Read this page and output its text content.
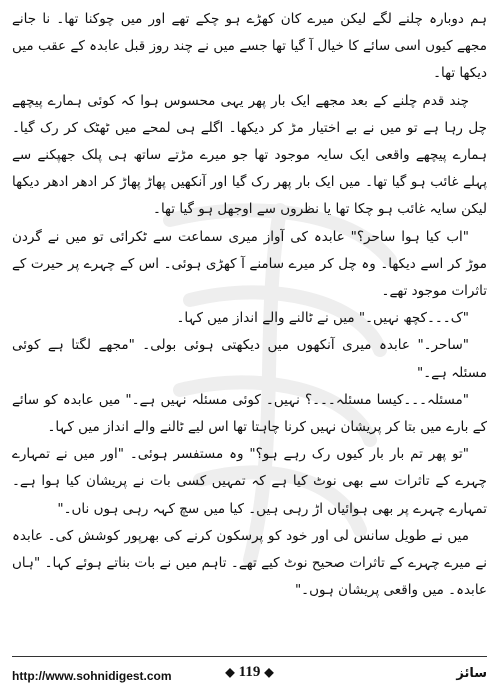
ہم دوبارہ چلنے لگے لیکن میرے کان کھڑے ہو چکے تھے اور میں چوکنا تھا۔ نا جانے مجھے کیوں اسی سائے کا خیال آ گیا تھا جسے میں نے چند روز قبل عابدہ کے عقب میں دیکھا تھا۔

چند قدم چلنے کے بعد مجھے ایک بار پھر یہی محسوس ہوا کہ کوئی ہمارے پیچھے چل رہا ہے تو میں نے بے اختیار مڑ کر دیکھا۔ اگلے ہی لمحے میں ٹھٹک کر رک گیا۔ ہمارے پیچھے واقعی ایک سایہ موجود تھا جو میرے مڑتے ساتھ ہی پلک جھپکنے سے پہلے غائب ہو گیا تھا۔ میں ایک بار پھر رک گیا اور آنکھیں پھاڑ پھاڑ کر ادھر ادھر دیکھا لیکن سایہ غائب ہو چکا تھا یا نظروں سے اوجھل ہو گیا تھا۔

"اب کیا ہوا ساحر؟" عابدہ کی آواز میری سماعت سے ٹکرائی تو میں نے گردن موڑ کر اسے دیکھا۔ وہ چل کر میرے سامنے آ کھڑی ہوئی۔ اس کے چہرے پر حیرت کے تاثرات موجود تھے۔

"ک۔۔۔کچھ نہیں۔" میں نے ٹالنے والے انداز میں کہا۔

"ساحر۔" عابدہ میری آنکھوں میں دیکھتی ہوئی بولی۔ "مجھے لگتا ہے کوئی مسئلہ ہے۔"

"مسئلہ۔۔۔کیسا مسئلہ۔۔۔؟ نہیں۔ کوئی مسئلہ نہیں ہے۔" میں عابدہ کو سائے کے بارے میں بتا کر پریشان نہیں کرنا چاہتا تھا اس لیے ٹالنے والے انداز میں کہا۔

"تو پھر تم بار بار کیوں رک رہے ہو؟" وہ مستفسر ہوئی۔ "اور میں نے تمہارے چہرے کے تاثرات سے بھی نوٹ کیا ہے کہ تمہیں کسی بات نے پریشان کیا ہوا ہے۔ تمہارے چہرے پر بھی ہوائیاں اڑ رہی ہیں۔ کیا میں سچ کہہ رہی ہوں ناں۔"

میں نے طویل سانس لی اور خود کو پرسکون کرنے کی بھرپور کوشش کی۔ عابدہ نے میرے چہرے کے تاثرات صحیح نوٹ کیے تھے۔ تاہم میں نے بات بناتے ہوئے کہا۔ "ہاں عابدہ۔ میں واقعی پریشان ہوں۔"

http://www.sohnidigest.com	◆ 119 ◆	سائز
